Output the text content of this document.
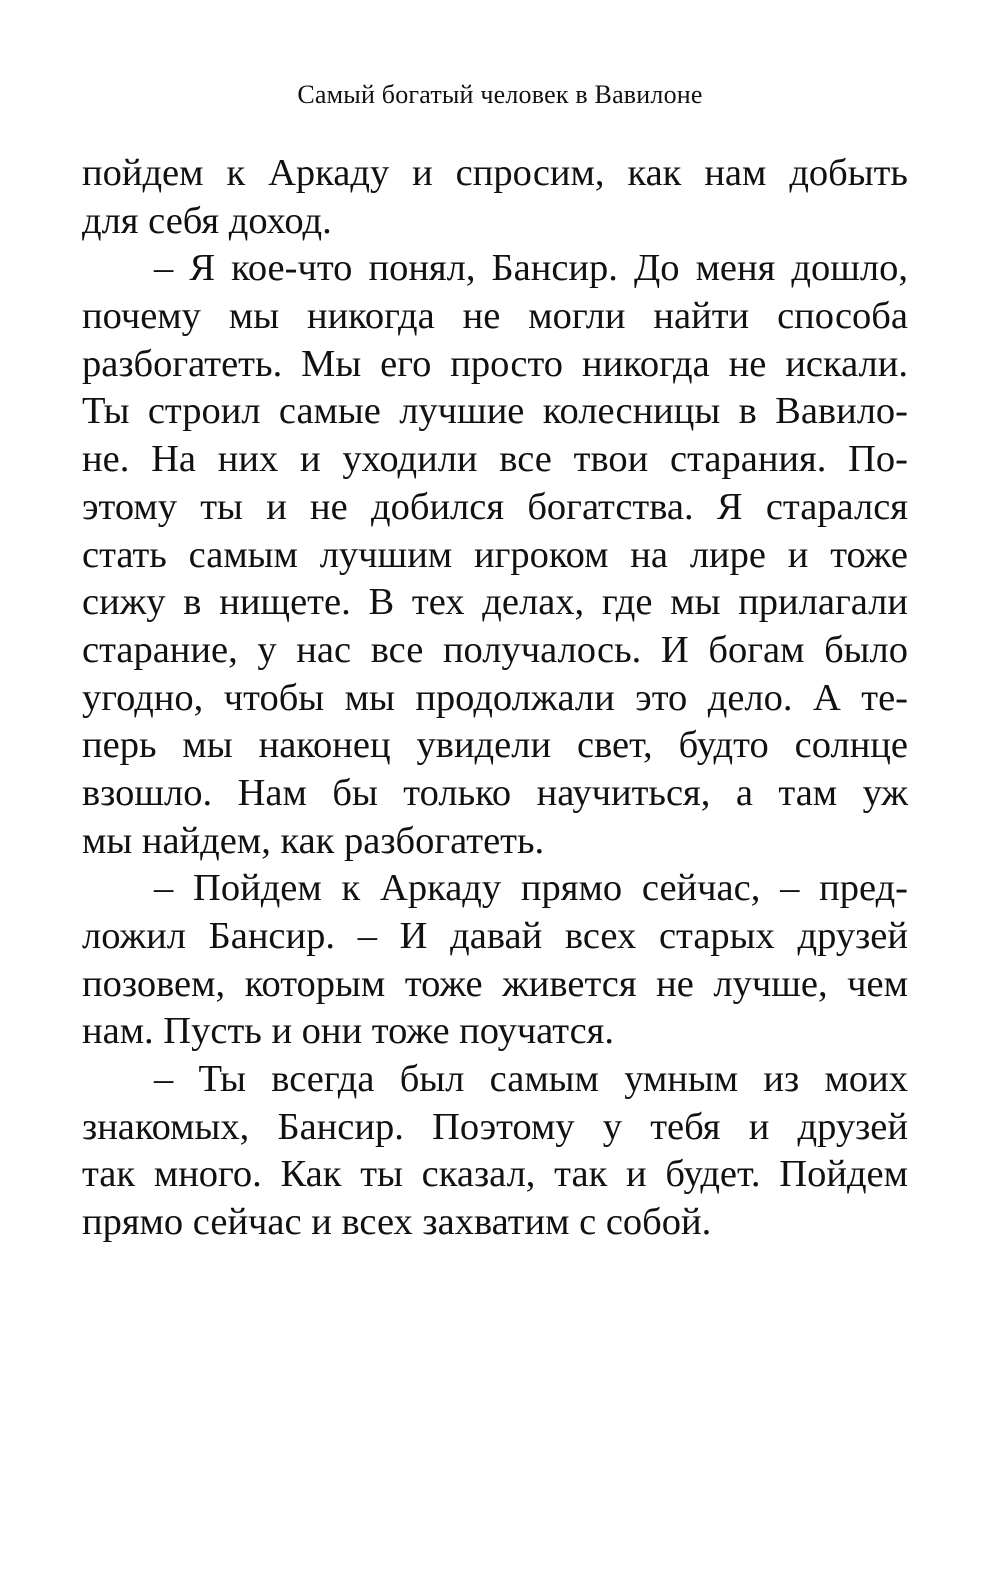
Самый богатый человек в Вавилоне
пойдем к Аркаду и спросим, как нам добыть
для себя доход.
– Я кое-что понял, Бансир. До меня дошло,
почему мы никогда не могли найти способа
разбогатеть. Мы его просто никогда не искали.
Ты строил самые лучшие колесницы в Вавило-
не. На них и уходили все твои старания. По-
этому ты и не добился богатства. Я старался
стать самым лучшим игроком на лире и тоже
сижу в нищете. В тех делах, где мы прилагали
старание, у нас все получалось. И богам было
угодно, чтобы мы продолжали это дело. А те-
перь мы наконец увидели свет, будто солнце
взошло. Нам бы только научиться, а там уж
мы найдем, как разбогатеть.
– Пойдем к Аркаду прямо сейчас, – пред-
ложил Бансир. – И давай всех старых друзей
позовем, которым тоже живется не лучше, чем
нам. Пусть и они тоже поучатся.
– Ты всегда был самым умным из моих
знакомых, Бансир. Поэтому у тебя и друзей
так много. Как ты сказал, так и будет. Пойдем
прямо сейчас и всех захватим с собой.
